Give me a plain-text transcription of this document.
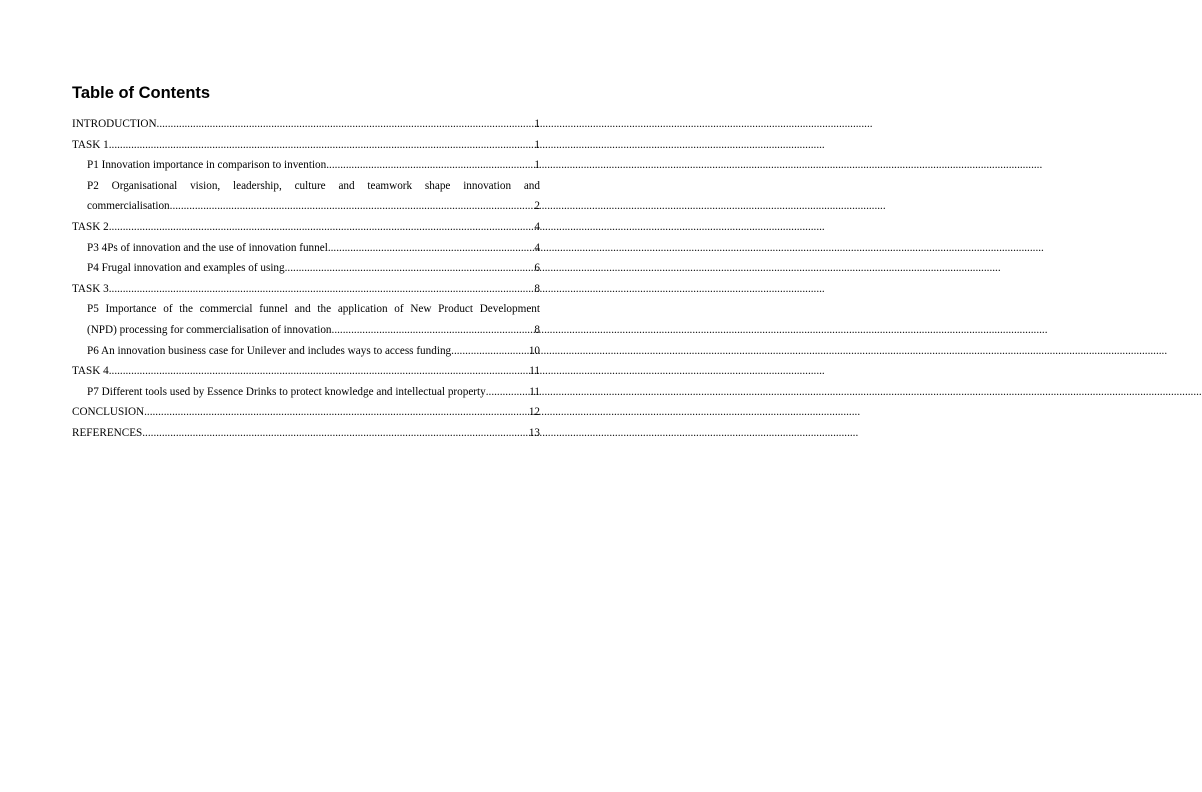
Table of Contents
INTRODUCTION .....	1
TASK 1 .....	1
P1 Innovation importance in comparison to invention .....	1
P2 Organisational vision, leadership, culture and teamwork shape innovation and
commercialisation .....	2
TASK 2 .....	4
P3 4Ps of innovation and the use of innovation funnel .....	4
P4 Frugal innovation and examples of using .....	6
TASK 3 .....	8
P5 Importance of the commercial funnel and the application of New Product Development
(NPD) processing for commercialisation of innovation .....	8
P6 An innovation business case for Unilever and includes ways to access funding .....	10
TASK 4 .....	11
P7 Different tools used by Essence Drinks to protect knowledge and intellectual property .....	11
CONCLUSION .....	12
REFERENCES .....	13
